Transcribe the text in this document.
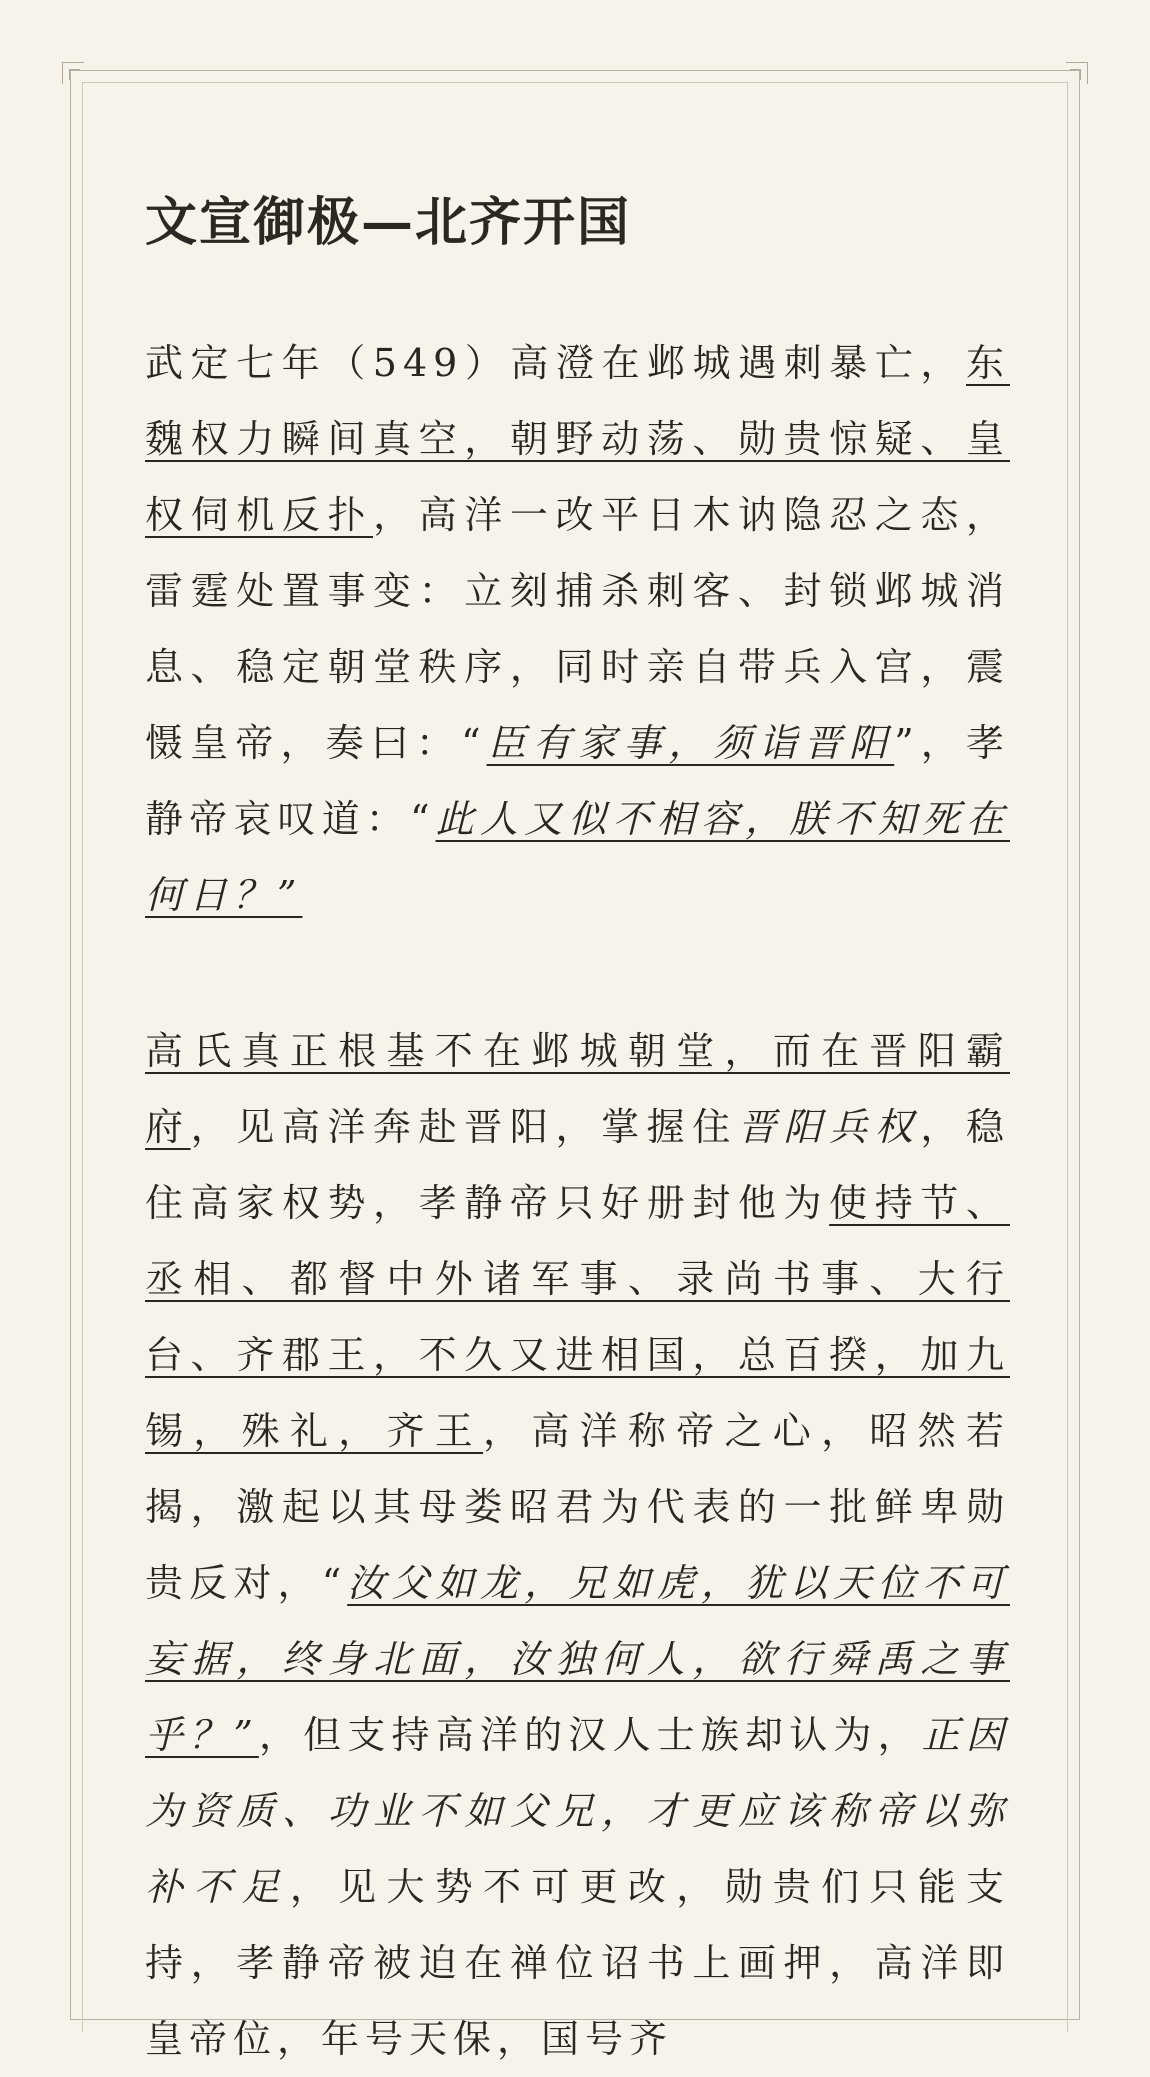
文宣御极—北齐开国

武定七年（549）高澄在邺城遇刺暴亡，东魏权力瞬间真空，朝野动荡、勋贵惊疑、皇权伺机反扑，高洋一改平日木讷隐忍之态，雷霆处置事变：立刻捕杀刺客、封锁邺城消息、稳定朝堂秩序，同时亲自带兵入宫，震慑皇帝，奏曰：“臣有家事，须诣晋阳”，孝静帝哀叹道：“此人又似不相容，朕不知死在何日？”

高氏真正根基不在邺城朝堂，而在晋阳霸府，见高洋奔赴晋阳，掌握住晋阳兵权，稳住高家权势，孝静帝只好册封他为使持节、丞相、都督中外诸军事、录尚书事、大行台、齐郡王，不久又进相国，总百揆，加九锡，殊礼，齐王，高洋称帝之心，昭然若揭，激起以其母娄昭君为代表的一批鲜卑勋贵反对，“汝父如龙，兄如虎，犹以天位不可妄据，终身北面，汝独何人，欲行舜禹之事乎？”，但支持高洋的汉人士族却认为，正因为资质、功业不如父兄，才更应该称帝以弥补不足，见大势不可更改，勋贵们只能支持，孝静帝被迫在禅位诏书上画押，高洋即皇帝位，年号天保，国号齐
